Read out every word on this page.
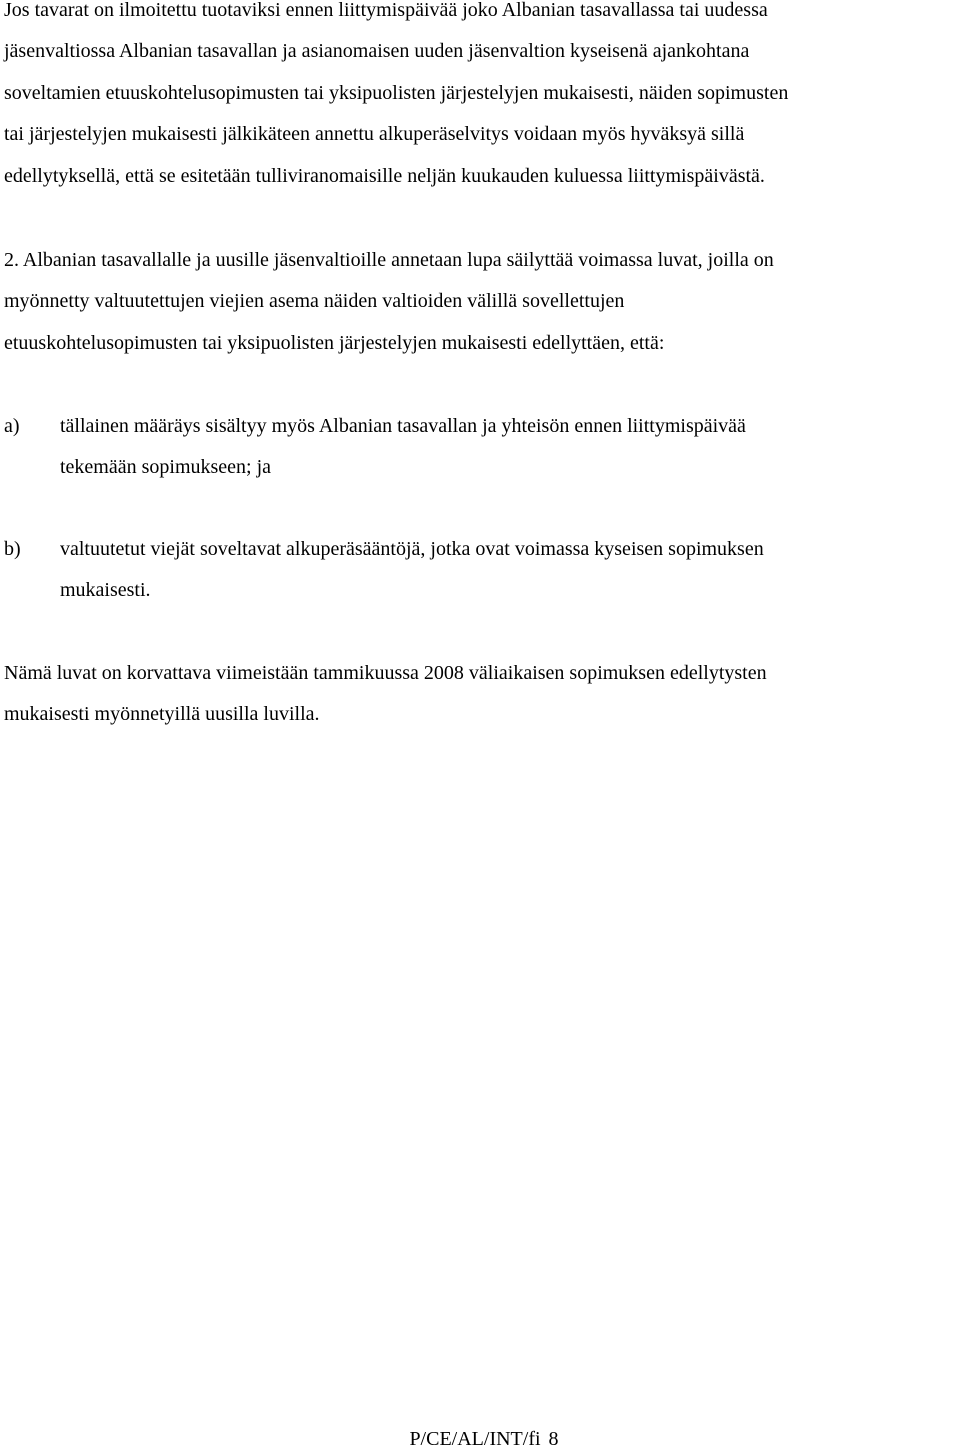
Jos tavarat on ilmoitettu tuotaviksi ennen liittymispäivää joko Albanian tasavallassa tai uudessa
jäsenvaltiossa Albanian tasavallan ja asianomaisen uuden jäsenvaltion kyseisenä ajankohtana
soveltamien etuuskohtelusopimusten tai yksipuolisten järjestelyjen mukaisesti, näiden sopimusten
tai järjestelyjen mukaisesti jälkikäteen annettu alkuperäselvitys voidaan myös hyväksyä sillä
edellytyksellä, että se esitetään tulliviranomaisille neljän kuukauden kuluessa liittymispäivästä.

2. Albanian tasavallalle ja uusille jäsenvaltioille annetaan lupa säilyttää voimassa luvat, joilla on
myönnetty valtuutettujen viejien asema näiden valtioiden välillä sovellettujen
etuuskohtelusopimusten tai yksipuolisten järjestelyjen mukaisesti edellyttäen, että:

a) tällainen määräys sisältyy myös Albanian tasavallan ja yhteisön ennen liittymispäivää
tekemään sopimukseen; ja
b) valtuutetut viejät soveltavat alkuperäsääntöjä, jotka ovat voimassa kyseisen sopimuksen
mukaisesti.

Nämä luvat on korvattava viimeistään tammikuussa 2008 väliaikaisen sopimuksen edellytysten
mukaisesti myönnetyillä uusilla luvilla.

P/CE/AL/INT/fi 8
